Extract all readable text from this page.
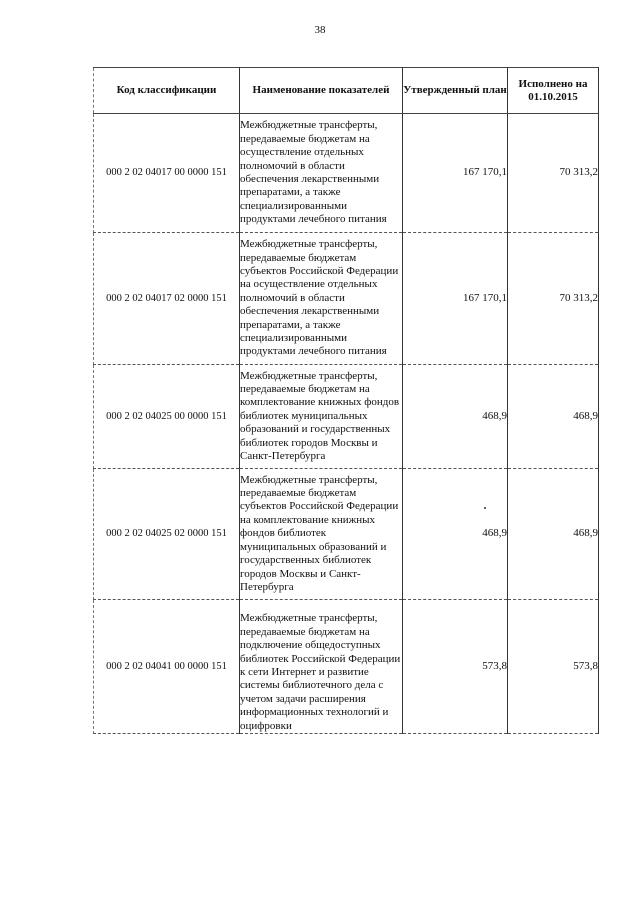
38
Код классификации	Наименование показателей	Утвержденный план	Исполнено на 01.10.2015
000 2 02 04017 00 0000 151	Межбюджетные трансферты, передаваемые бюджетам на осуществление отдельных полномочий в области обеспечения лекарственными препаратами, а также специализированными продуктами лечебного питания	167 170,1	70 313,2
000 2 02 04017 02 0000 151	Межбюджетные трансферты, передаваемые бюджетам субъектов Российской Федерации на осуществление отдельных полномочий в области обеспечения лекарственными препаратами, а также специализированными продуктами лечебного питания	167 170,1	70 313,2
000 2 02 04025 00 0000 151	Межбюджетные трансферты, передаваемые бюджетам на комплектование книжных фондов библиотек муниципальных образований и государственных библиотек городов Москвы и Санкт-Петербурга	468,9	468,9
000 2 02 04025 02 0000 151	Межбюджетные трансферты, передаваемые бюджетам субъектов Российской Федерации на комплектование книжных фондов библиотек муниципальных образований и государственных библиотек городов Москвы и Санкт-Петербурга	468,9	468,9
000 2 02 04041 00 0000 151	Межбюджетные трансферты, передаваемые бюджетам на подключение общедоступных библиотек Российской Федерации к сети Интернет и развитие системы библиотечного дела с учетом задачи расширения информационных технологий и оцифровки	573,8	573,8
